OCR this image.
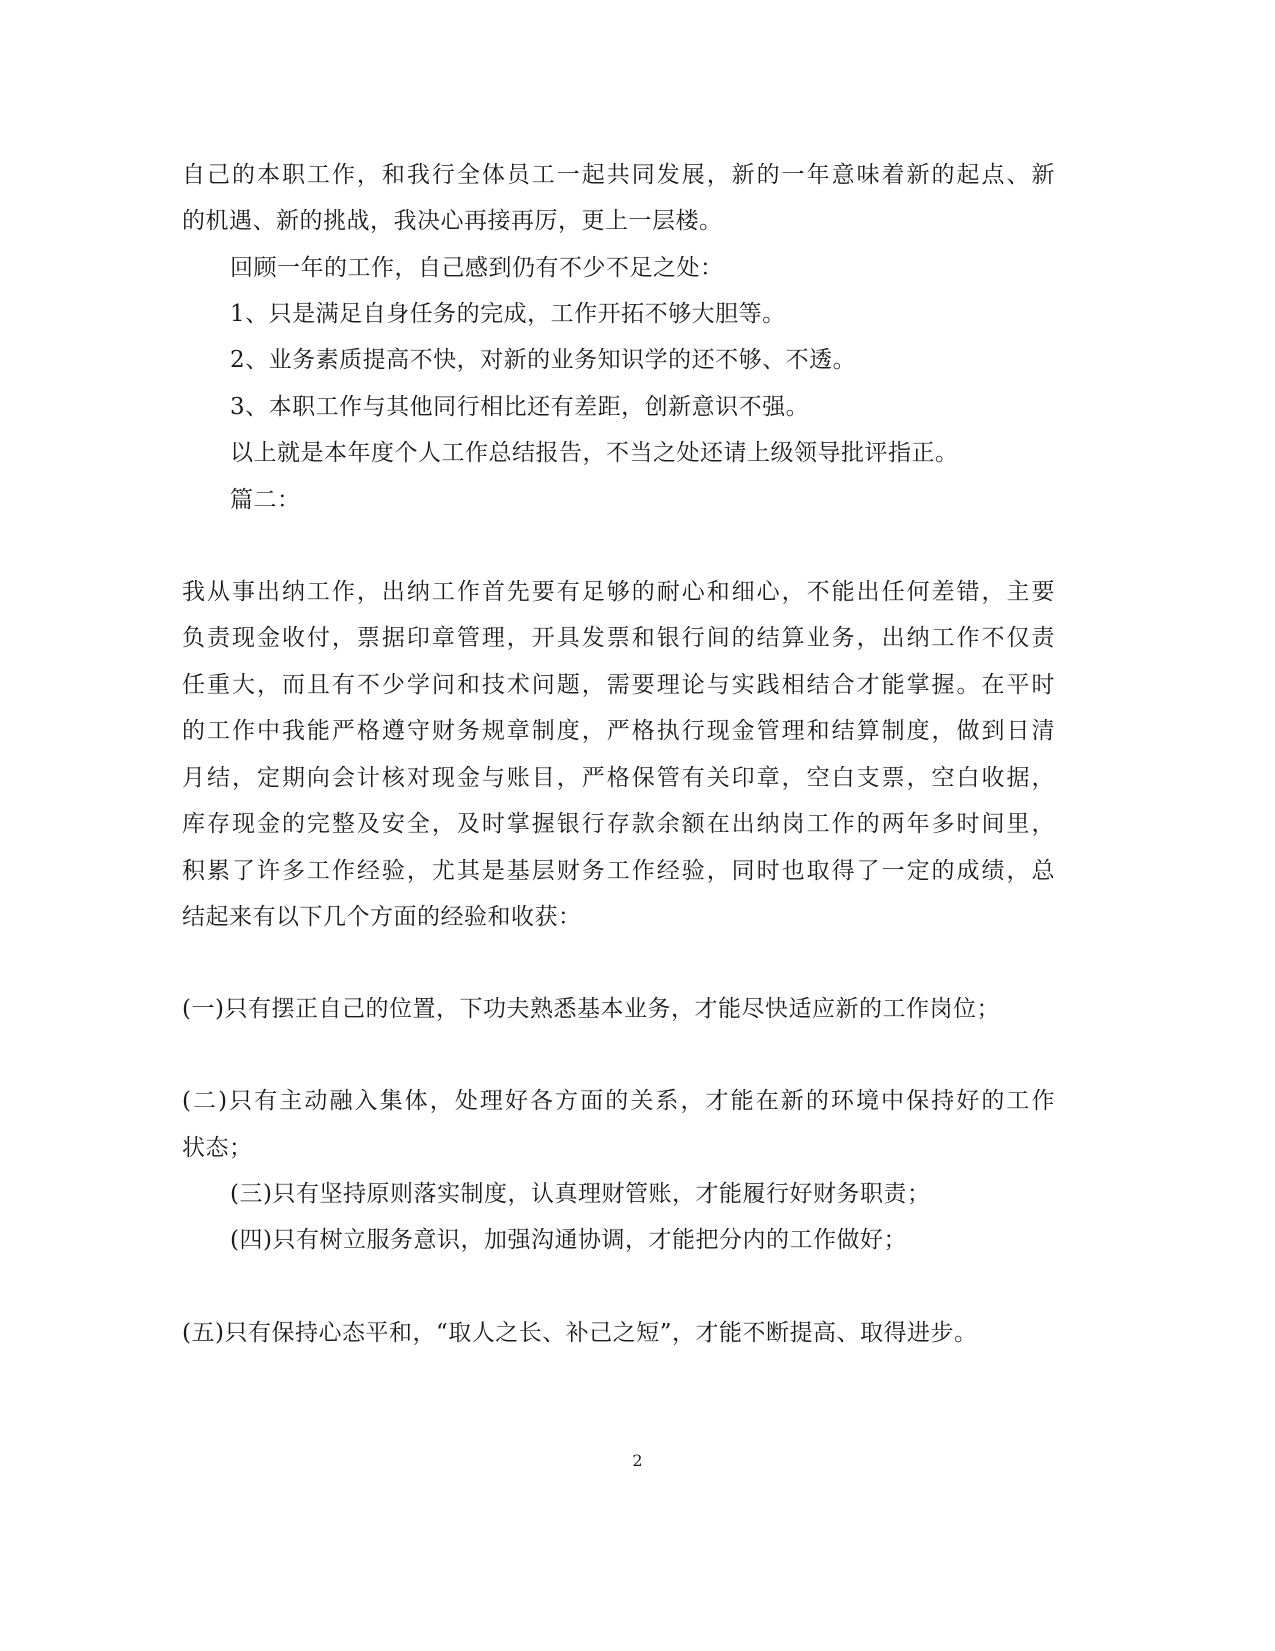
自己的本职工作，和我行全体员工一起共同发展，新的一年意味着新的起点、新
的机遇、新的挑战，我决心再接再厉，更上一层楼。
回顾一年的工作，自己感到仍有不少不足之处：
1、只是满足自身任务的完成，工作开拓不够大胆等。
2、业务素质提高不快，对新的业务知识学的还不够、不透。
3、本职工作与其他同行相比还有差距，创新意识不强。
以上就是本年度个人工作总结报告，不当之处还请上级领导批评指正。
篇二：
我从事出纳工作，出纳工作首先要有足够的耐心和细心，不能出任何差错，主要
负责现金收付，票据印章管理，开具发票和银行间的结算业务，出纳工作不仅责
任重大，而且有不少学问和技术问题，需要理论与实践相结合才能掌握。在平时
的工作中我能严格遵守财务规章制度，严格执行现金管理和结算制度，做到日清
月结，定期向会计核对现金与账目，严格保管有关印章，空白支票，空白收据，
库存现金的完整及安全，及时掌握银行存款余额在出纳岗工作的两年多时间里，
积累了许多工作经验，尤其是基层财务工作经验，同时也取得了一定的成绩，总
结起来有以下几个方面的经验和收获：
(一)只有摆正自己的位置，下功夫熟悉基本业务，才能尽快适应新的工作岗位；
(二)只有主动融入集体，处理好各方面的关系，才能在新的环境中保持好的工作
状态；
(三)只有坚持原则落实制度，认真理财管账，才能履行好财务职责；
(四)只有树立服务意识，加强沟通协调，才能把分内的工作做好；
(五)只有保持心态平和，“取人之长、补己之短”，才能不断提高、取得进步。
2
